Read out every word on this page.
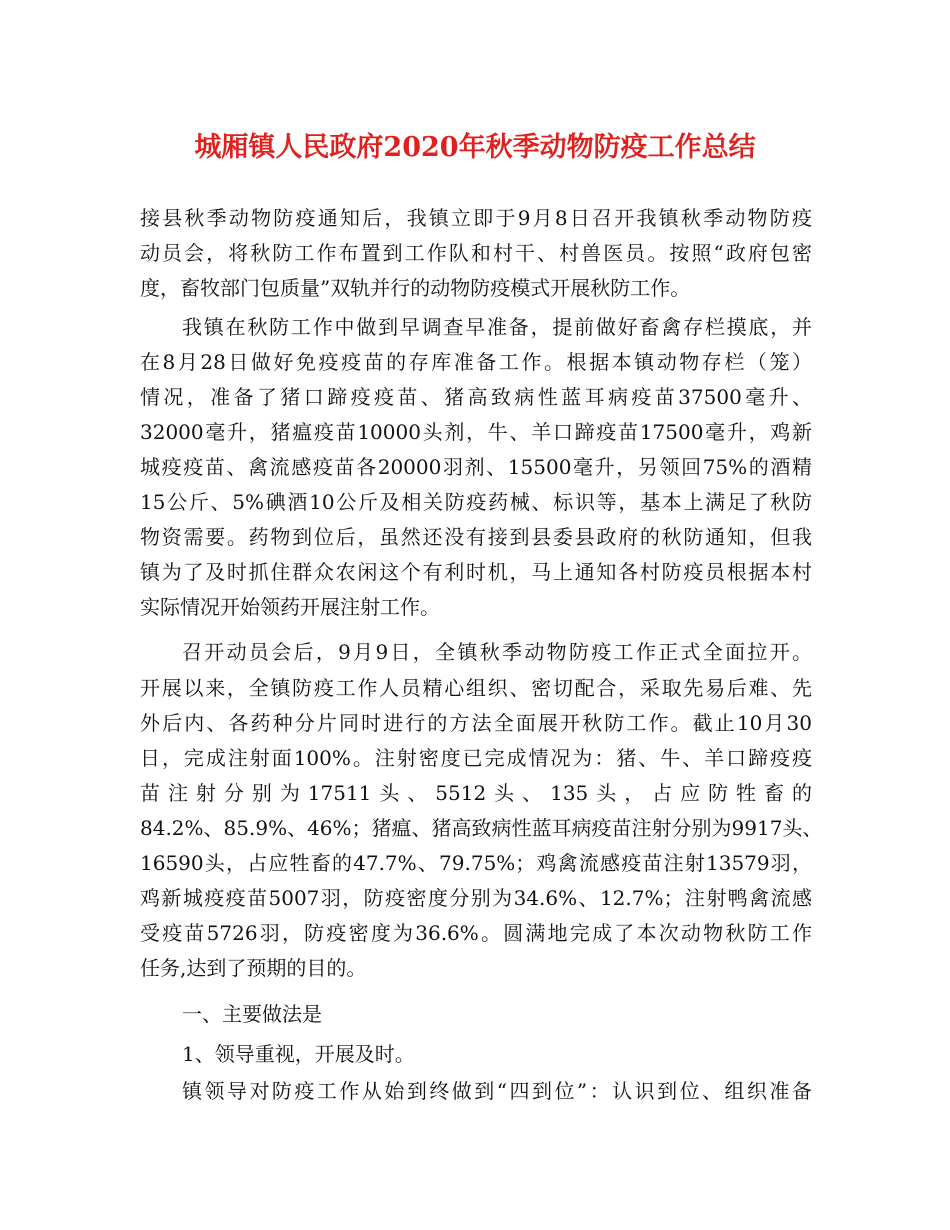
城厢镇人民政府2020年秋季动物防疫工作总结

接县秋季动物防疫通知后，我镇立即于9月8日召开我镇秋季动物防疫

动员会，将秋防工作布置到工作队和村干、村兽医员。按照“政府包密

度，畜牧部门包质量”双轨并行的动物防疫模式开展秋防工作。

我镇在秋防工作中做到早调查早准备，提前做好畜禽存栏摸底，并

在8月28日做好免疫疫苗的存库准备工作。根据本镇动物存栏（笼）

情况，准备了猪口蹄疫疫苗、猪高致病性蓝耳病疫苗37500毫升、

32000毫升，猪瘟疫苗10000头剂，牛、羊口蹄疫苗17500毫升，鸡新

城疫疫苗、禽流感疫苗各20000羽剂、15500毫升，另领回75%的酒精

15公斤、5%碘酒10公斤及相关防疫药械、标识等，基本上满足了秋防

物资需要。药物到位后，虽然还没有接到县委县政府的秋防通知，但我

镇为了及时抓住群众农闲这个有利时机，马上通知各村防疫员根据本村

实际情况开始领药开展注射工作。

召开动员会后，9月9日，全镇秋季动物防疫工作正式全面拉开。

开展以来，全镇防疫工作人员精心组织、密切配合，采取先易后难、先

外后内、各药种分片同时进行的方法全面展开秋防工作。截止10月30

日，完成注射面100%。注射密度已完成情况为：猪、牛、羊口蹄疫疫

苗注射分别为17511头、5512头、135头，占应防牲畜的

84.2%、85.9%、46%；猪瘟、猪高致病性蓝耳病疫苗注射分别为9917头、

16590头，占应牲畜的47.7%、79.75%；鸡禽流感疫苗注射13579羽，

鸡新城疫疫苗5007羽，防疫密度分别为34.6%、12.7%；注射鸭禽流感

受疫苗5726羽，防疫密度为36.6%。圆满地完成了本次动物秋防工作

任务,达到了预期的目的。

一、主要做法是

1、领导重视，开展及时。

镇领导对防疫工作从始到终做到“四到位”：认识到位、组织准备
